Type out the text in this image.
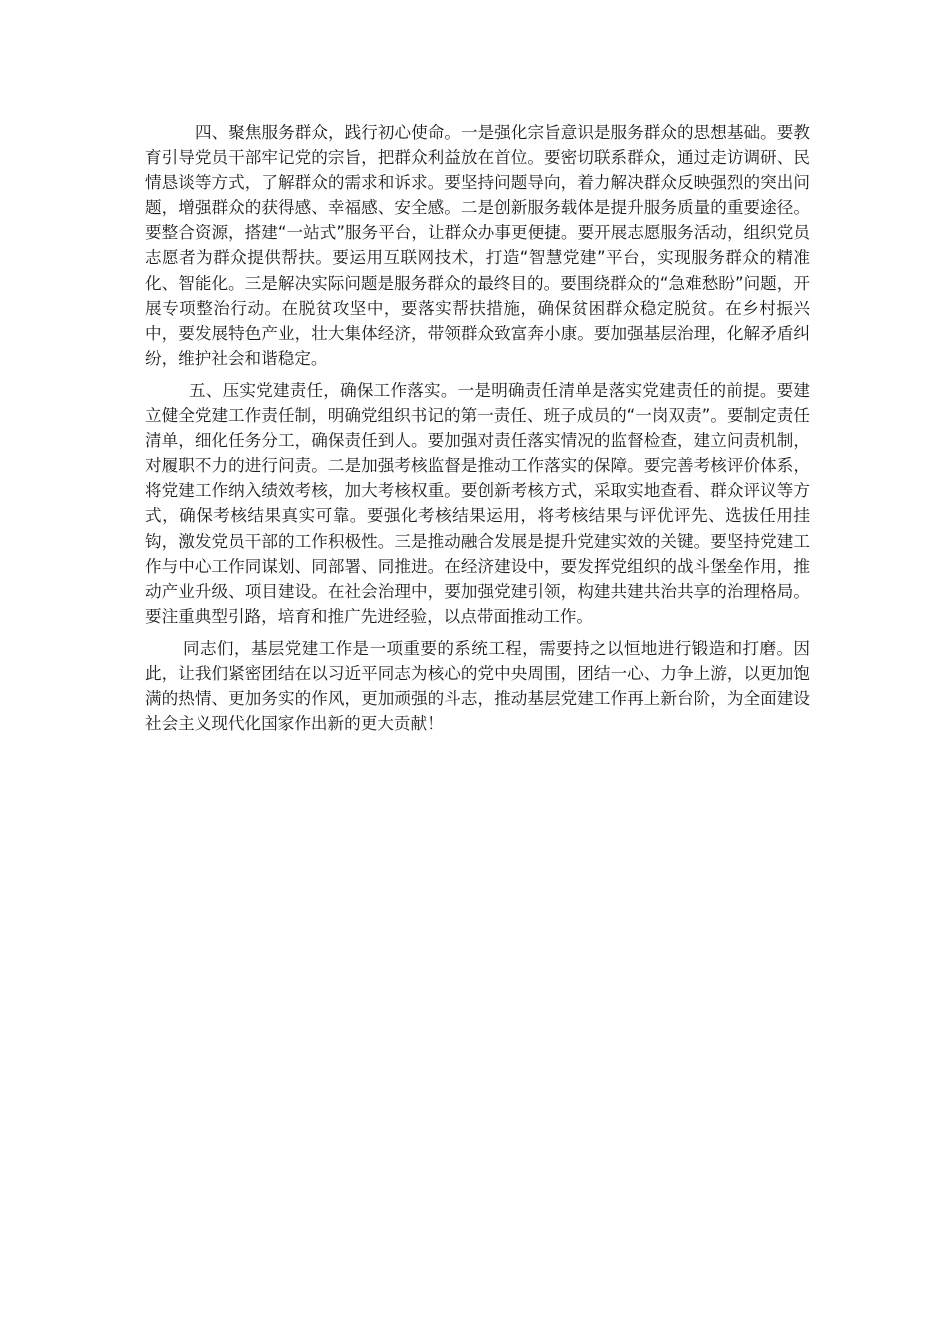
四、聚焦服务群众，践行初心使命。一是强化宗旨意识是服务群众的思想基础。要教育引导党员干部牢记党的宗旨，把群众利益放在首位。要密切联系群众，通过走访调研、民情恳谈等方式，了解群众的需求和诉求。要坚持问题导向，着力解决群众反映强烈的突出问题，增强群众的获得感、幸福感、安全感。二是创新服务载体是提升服务质量的重要途径。要整合资源，搭建“一站式”服务平台，让群众办事更便捷。要开展志愿服务活动，组织党员志愿者为群众提供帮扶。要运用互联网技术，打造“智慧党建”平台，实现服务群众的精准化、智能化。三是解决实际问题是服务群众的最终目的。要围绕群众的“急难愁盼”问题，开展专项整治行动。在脱贫攻坚中，要落实帮扶措施，确保贫困群众稳定脱贫。在乡村振兴中，要发展特色产业，壮大集体经济，带领群众致富奔小康。要加强基层治理，化解矛盾纠纷，维护社会和谐稳定。

五、压实党建责任，确保工作落实。一是明确责任清单是落实党建责任的前提。要建立健全党建工作责任制，明确党组织书记的第一责任、班子成员的“一岗双责”。要制定责任清单，细化任务分工，确保责任到人。要加强对责任落实情况的监督检查，建立问责机制，对履职不力的进行问责。二是加强考核监督是推动工作落实的保障。要完善考核评价体系，将党建工作纳入绩效考核，加大考核权重。要创新考核方式，采取实地查看、群众评议等方式，确保考核结果真实可靠。要强化考核结果运用，将考核结果与评优评先、选拔任用挂钩，激发党员干部的工作积极性。三是推动融合发展是提升党建实效的关键。要坚持党建工作与中心工作同谋划、同部署、同推进。在经济建设中，要发挥党组织的战斗堡垒作用，推动产业升级、项目建设。在社会治理中，要加强党建引领，构建共建共治共享的治理格局。要注重典型引路，培育和推广先进经验，以点带面推动工作。

同志们，基层党建工作是一项重要的系统工程，需要持之以恒地进行锻造和打磨。因此，让我们紧密团结在以习近平同志为核心的党中央周围，团结一心、力争上游，以更加饱满的热情、更加务实的作风，更加顽强的斗志，推动基层党建工作再上新台阶，为全面建设社会主义现代化国家作出新的更大贡献！
